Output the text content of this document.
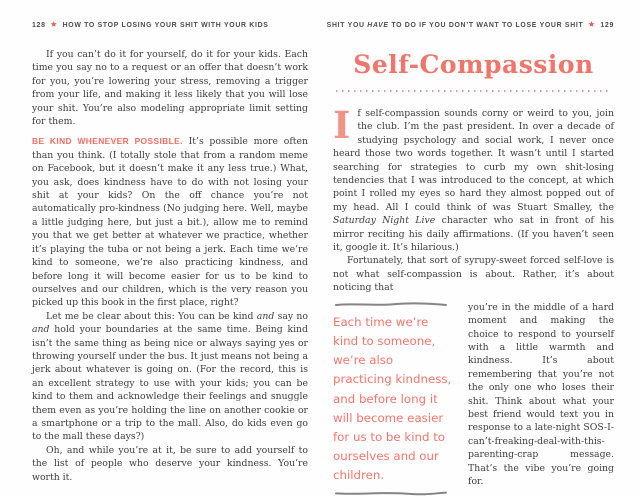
128 ★ HOW TO STOP LOSING YOUR SHIT WITH YOUR KIDS

If you can’t do it for yourself, do it for your kids. Each time you say no to a request or an offer that doesn’t work for you, you’re lowering your stress, removing a trigger from your life, and making it less likely that you will lose your shit. You’re also modeling appropriate limit setting for them.

BE KIND WHENEVER POSSIBLE. It’s possible more often than you think. (I totally stole that from a random meme on Facebook, but it doesn’t make it any less true.) What, you ask, does kindness have to do with not losing your shit at your kids? On the off chance you’re not automatically pro-kindness (No judging here. Well, maybe a little judging here, but just a bit.), allow me to remind you that we get better at whatever we practice, whether it’s playing the tuba or not being a jerk. Each time we’re kind to someone, we’re also practicing kindness, and before long it will become easier for us to be kind to ourselves and our children, which is the very reason you picked up this book in the first place, right?

Let me be clear about this: You can be kind and say no and hold your boundaries at the same time. Being kind isn’t the same thing as being nice or always saying yes or throwing yourself under the bus. It just means not being a jerk about whatever is going on. (For the record, this is an excellent strategy to use with your kids; you can be kind to them and acknowledge their feelings and snuggle them even as you’re holding the line on another cookie or a smartphone or a trip to the mall. Also, do kids even go to the mall these days?)

Oh, and while you’re at it, be sure to add yourself to the list of people who deserve your kindness. You’re worth it.

SHIT YOU HAVE TO DO IF YOU DON’T WANT TO LOSE YOUR SHIT ★ 129
Self-Compassion

If self-compassion sounds corny or weird to you, join the club. I’m the past president. In over a decade of studying psychology and social work, I never once heard those two words together. It wasn’t until I started searching for strategies to curb my own shit-losing tendencies that I was introduced to the concept, at which point I rolled my eyes so hard they almost popped out of my head. All I could think of was Stuart Smalley, the Saturday Night Live character who sat in front of his mirror reciting his daily affirmations. (If you haven’t seen it, google it. It’s hilarious.)

Fortunately, that sort of syrupy-sweet forced self-love is not what self-compassion is about. Rather, it’s about noticing that

Each time we’re kind to someone, we’re also practicing kindness, and before long it will become easier for us to be kind to ourselves and our children.

you’re in the middle of a hard moment and making the choice to respond to yourself with a little warmth and kindness. It’s about remembering that you’re not the only one who loses their shit. Think about what your best friend would text you in response to a late-night SOS-I-can’t-freaking-deal-with-this-parenting-crap message. That’s the vibe you’re going for.
